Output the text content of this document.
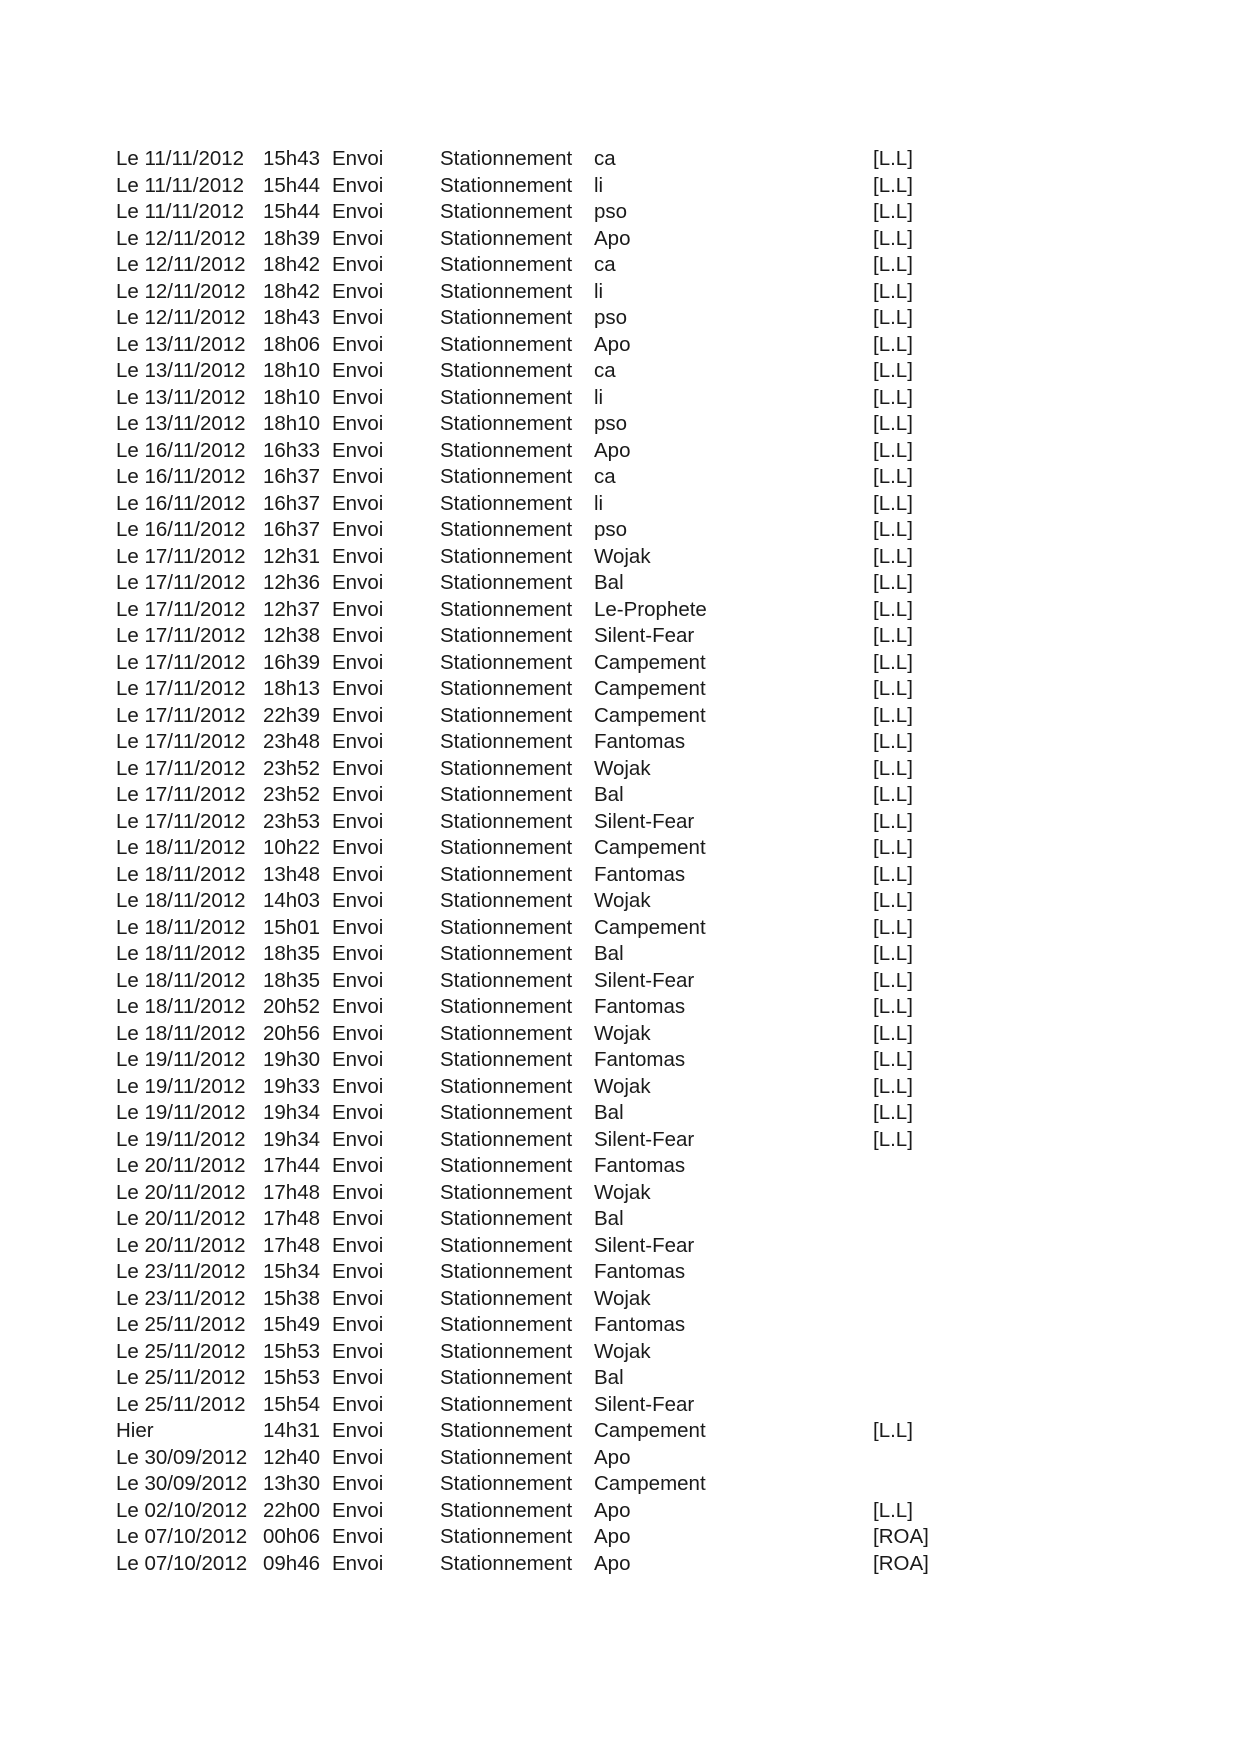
Le 11/11/2012 15h43 Envoi	Stationnement ca	[L.L]
Le 11/11/2012 15h44 Envoi	Stationnement li	[L.L]
Le 11/11/2012 15h44 Envoi	Stationnement pso	[L.L]
Le 12/11/2012 18h39 Envoi	Stationnement Apo	[L.L]
Le 12/11/2012 18h42 Envoi	Stationnement ca	[L.L]
Le 12/11/2012 18h42 Envoi	Stationnement li	[L.L]
Le 12/11/2012 18h43 Envoi	Stationnement pso	[L.L]
Le 13/11/2012 18h06 Envoi	Stationnement Apo	[L.L]
Le 13/11/2012 18h10 Envoi	Stationnement ca	[L.L]
Le 13/11/2012 18h10 Envoi	Stationnement li	[L.L]
Le 13/11/2012 18h10 Envoi	Stationnement pso	[L.L]
Le 16/11/2012 16h33 Envoi	Stationnement Apo	[L.L]
Le 16/11/2012 16h37 Envoi	Stationnement ca	[L.L]
Le 16/11/2012 16h37 Envoi	Stationnement li	[L.L]
Le 16/11/2012 16h37 Envoi	Stationnement pso	[L.L]
Le 17/11/2012 12h31 Envoi	Stationnement Wojak	[L.L]
Le 17/11/2012 12h36 Envoi	Stationnement Bal	[L.L]
Le 17/11/2012 12h37 Envoi	Stationnement Le-Prophete	[L.L]
Le 17/11/2012 12h38 Envoi	Stationnement Silent-Fear	[L.L]
Le 17/11/2012 16h39 Envoi	Stationnement Campement	[L.L]
Le 17/11/2012 18h13 Envoi	Stationnement Campement	[L.L]
Le 17/11/2012 22h39 Envoi	Stationnement Campement	[L.L]
Le 17/11/2012 23h48 Envoi	Stationnement Fantomas	[L.L]
Le 17/11/2012 23h52 Envoi	Stationnement Wojak	[L.L]
Le 17/11/2012 23h52 Envoi	Stationnement Bal	[L.L]
Le 17/11/2012 23h53 Envoi	Stationnement Silent-Fear	[L.L]
Le 18/11/2012 10h22 Envoi	Stationnement Campement	[L.L]
Le 18/11/2012 13h48 Envoi	Stationnement Fantomas	[L.L]
Le 18/11/2012 14h03 Envoi	Stationnement Wojak	[L.L]
Le 18/11/2012 15h01 Envoi	Stationnement Campement	[L.L]
Le 18/11/2012 18h35 Envoi	Stationnement Bal	[L.L]
Le 18/11/2012 18h35 Envoi	Stationnement Silent-Fear	[L.L]
Le 18/11/2012 20h52 Envoi	Stationnement Fantomas	[L.L]
Le 18/11/2012 20h56 Envoi	Stationnement Wojak	[L.L]
Le 19/11/2012 19h30 Envoi	Stationnement Fantomas	[L.L]
Le 19/11/2012 19h33 Envoi	Stationnement Wojak	[L.L]
Le 19/11/2012 19h34 Envoi	Stationnement Bal	[L.L]
Le 19/11/2012 19h34 Envoi	Stationnement Silent-Fear	[L.L]
Le 20/11/2012 17h44 Envoi	Stationnement Fantomas
Le 20/11/2012 17h48 Envoi	Stationnement Wojak
Le 20/11/2012 17h48 Envoi	Stationnement Bal
Le 20/11/2012 17h48 Envoi	Stationnement Silent-Fear
Le 23/11/2012 15h34 Envoi	Stationnement Fantomas
Le 23/11/2012 15h38 Envoi	Stationnement Wojak
Le 25/11/2012 15h49 Envoi	Stationnement Fantomas
Le 25/11/2012 15h53 Envoi	Stationnement Wojak
Le 25/11/2012 15h53 Envoi	Stationnement Bal
Le 25/11/2012 15h54 Envoi	Stationnement Silent-Fear
Hier	14h31 Envoi	Stationnement Campement	[L.L]
Le 30/09/2012 12h40 Envoi	Stationnement Apo
Le 30/09/2012 13h30 Envoi	Stationnement Campement
Le 02/10/2012 22h00 Envoi	Stationnement Apo	[L.L]
Le 07/10/2012 00h06 Envoi	Stationnement Apo	[ROA]
Le 07/10/2012 09h46 Envoi	Stationnement Apo	[ROA]
